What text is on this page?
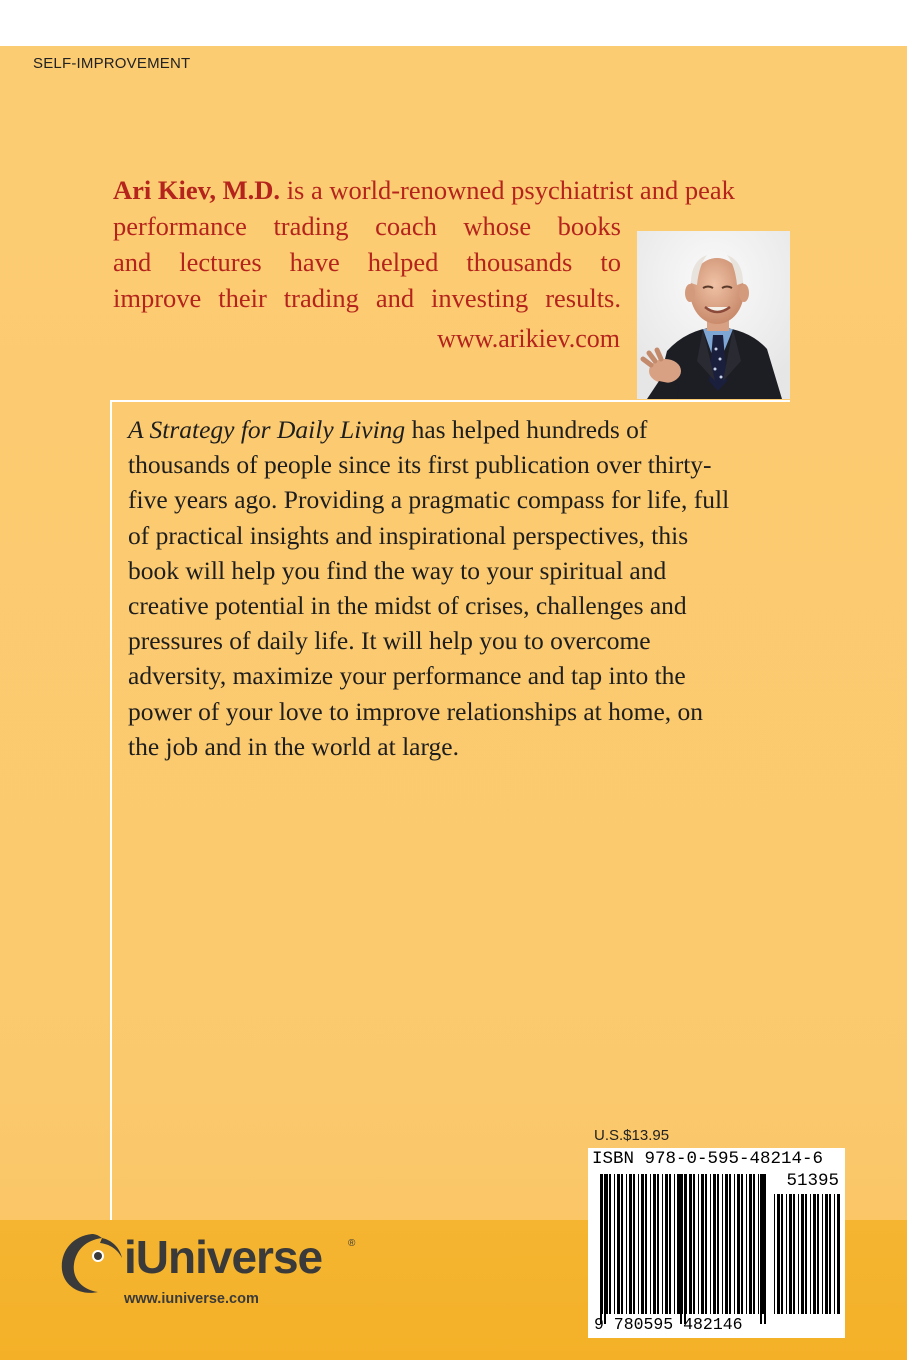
SELF-IMPROVEMENT
Ari Kiev, M.D. is a world-renowned psychiatrist and peak
performance trading coach whose books
and lectures have helped thousands to
improve their trading and investing results.
www.arikiev.com
A Strategy for Daily Living has helped hundreds of
thousands of people since its first publication over thirty-
five years ago. Providing a pragmatic compass for life, full
of practical insights and inspirational perspectives, this
book will help you find the way to your spiritual and
creative potential in the midst of crises, challenges and
pressures of daily life. It will help you to overcome
adversity, maximize your performance and tap into the
power of your love to improve relationships at home, on
the job and in the world at large.
U.S.$13.95
ISBN 978-0-595-48214-6
51395
9 780595 482146
iUniverse	®
www.iuniverse.com
